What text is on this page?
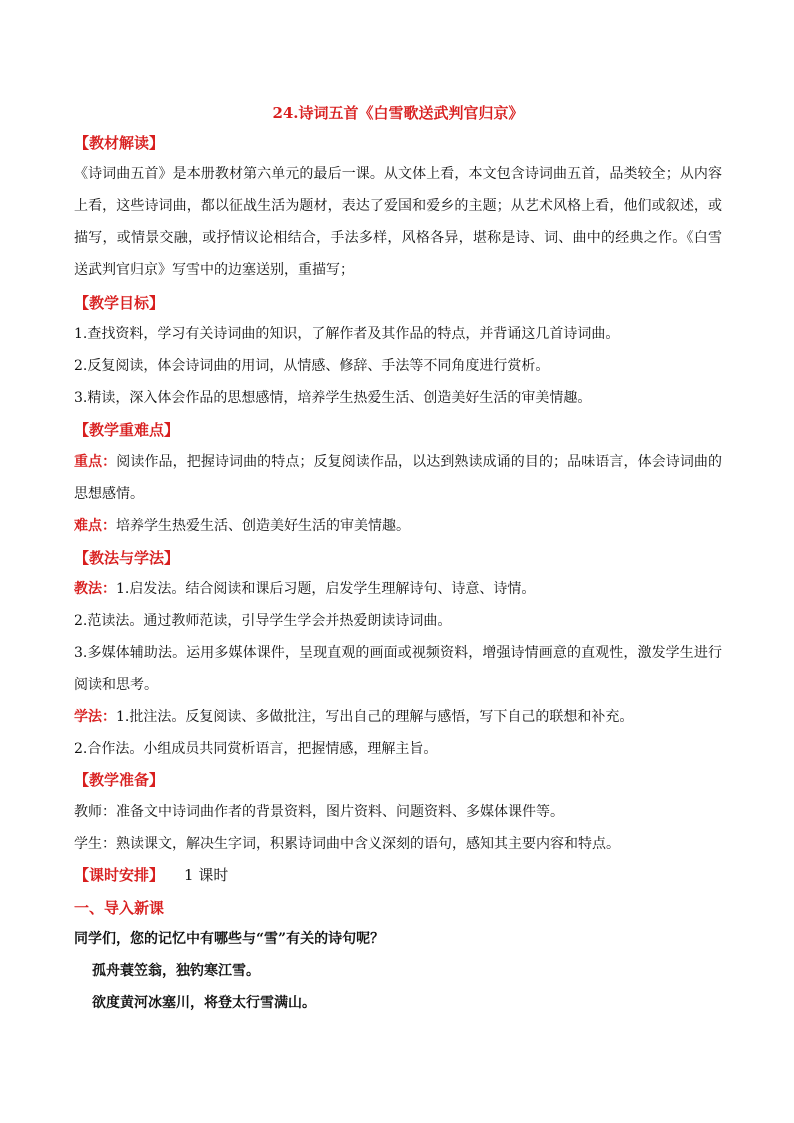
24.诗词五首《白雪歌送武判官归京》
【教材解读】

《诗词曲五首》是本册教材第六单元的最后一课。从文体上看，本文包含诗词曲五首，品类较全；从内容上看，这些诗词曲，都以征战生活为题材，表达了爱国和爱乡的主题；从艺术风格上看，他们或叙述，或描写，或情景交融，或抒情议论相结合，手法多样，风格各异，堪称是诗、词、曲中的经典之作。《白雪送武判官归京》写雪中的边塞送别，重描写；

【教学目标】

1.查找资料，学习有关诗词曲的知识，了解作者及其作品的特点，并背诵这几首诗词曲。

2.反复阅读，体会诗词曲的用词，从情感、修辞、手法等不同角度进行赏析。

3.精读，深入体会作品的思想感情，培养学生热爱生活、创造美好生活的审美情趣。

【教学重难点】

重点：阅读作品，把握诗词曲的特点；反复阅读作品，以达到熟读成诵的目的；品味语言，体会诗词曲的思想感情。

难点：培养学生热爱生活、创造美好生活的审美情趣。

【教法与学法】

教法：1.启发法。结合阅读和课后习题，启发学生理解诗句、诗意、诗情。

2.范读法。通过教师范读，引导学生学会并热爱朗读诗词曲。

3.多媒体辅助法。运用多媒体课件，呈现直观的画面或视频资料，增强诗情画意的直观性，激发学生进行阅读和思考。

学法：1.批注法。反复阅读、多做批注，写出自己的理解与感悟，写下自己的联想和补充。

2.合作法。小组成员共同赏析语言，把握情感，理解主旨。

【教学准备】

教师：准备文中诗词曲作者的背景资料，图片资料、问题资料、多媒体课件等。

学生：熟读课文，解决生字词，积累诗词曲中含义深刻的语句，感知其主要内容和特点。

【课时安排】 1 课时
一、导入新课

同学们，您的记忆中有哪些与“雪”有关的诗句呢？

孤舟蓑笠翁，独钓寒江雪。

欲度黄河冰塞川，将登太行雪满山。
